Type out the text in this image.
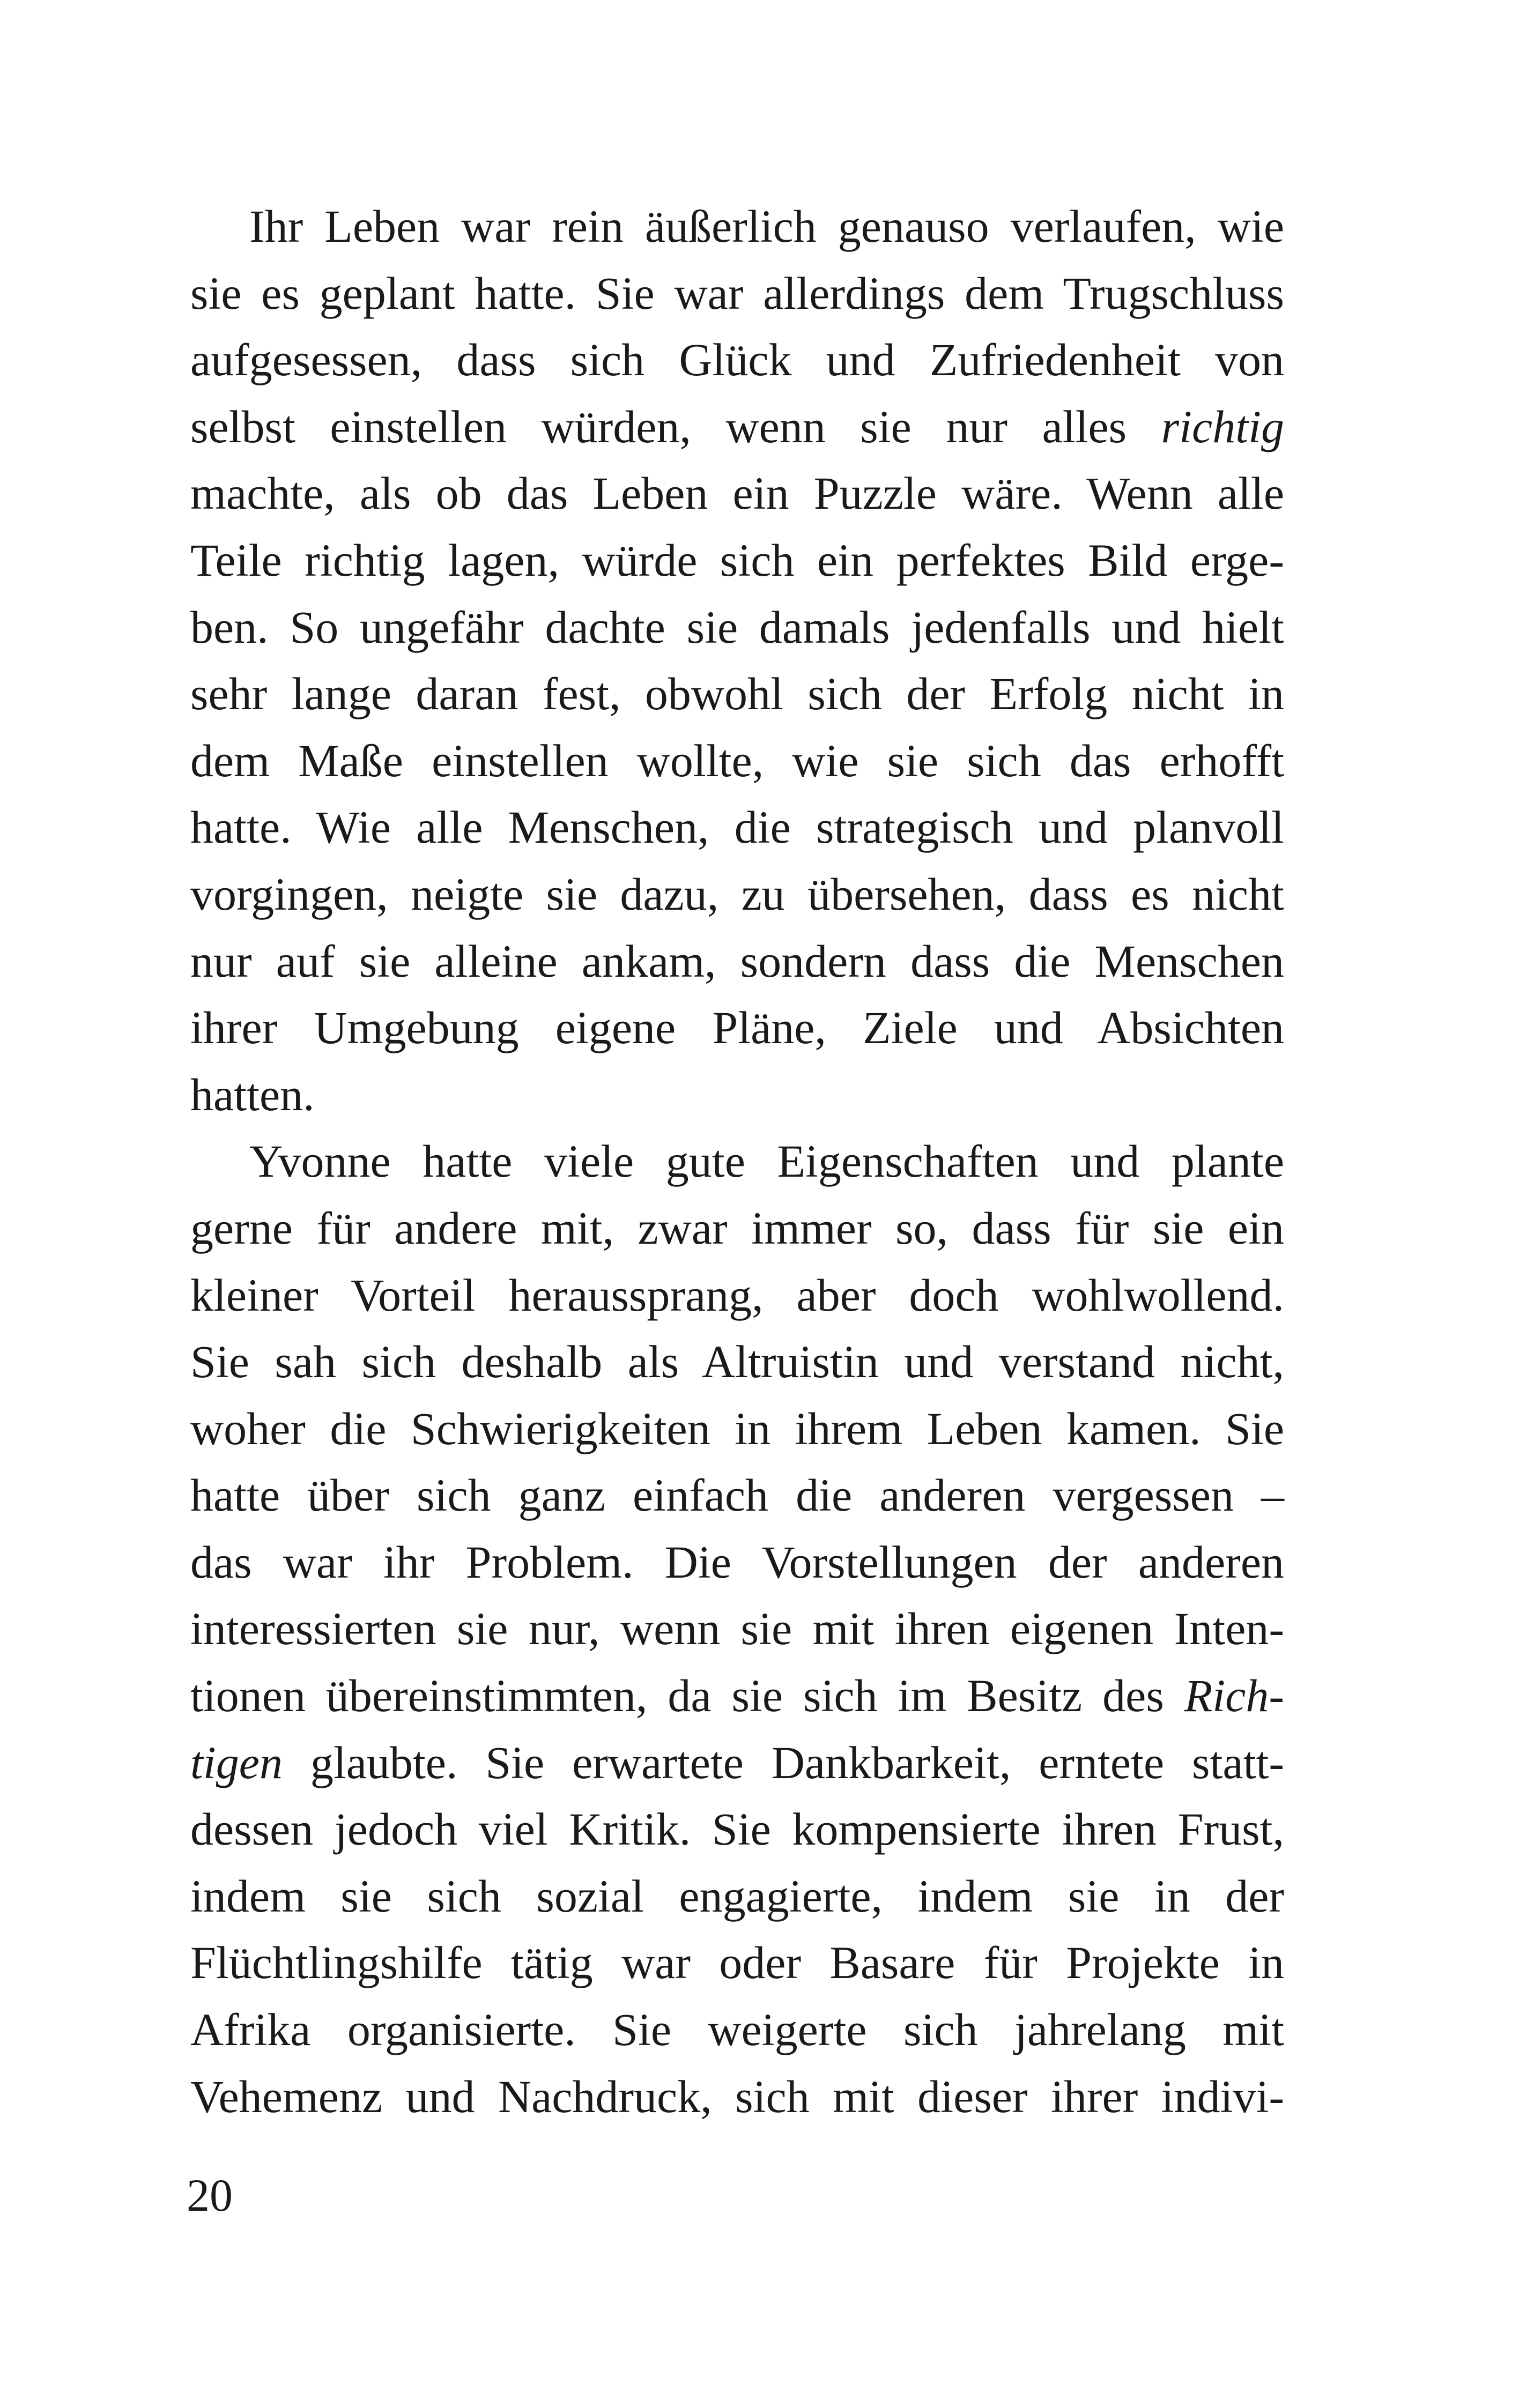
Ihr Leben war rein äußerlich genauso verlaufen, wie
sie es geplant hatte. Sie war allerdings dem Trugschluss
aufgesessen, dass sich Glück und Zufriedenheit von
selbst einstellen würden, wenn sie nur alles richtig
machte, als ob das Leben ein Puzzle wäre. Wenn alle
Teile richtig lagen, würde sich ein perfektes Bild erge-
ben. So ungefähr dachte sie damals jedenfalls und hielt
sehr lange daran fest, obwohl sich der Erfolg nicht in
dem Maße einstellen wollte, wie sie sich das erhofft
hatte. Wie alle Menschen, die strategisch und planvoll
vorgingen, neigte sie dazu, zu übersehen, dass es nicht
nur auf sie alleine ankam, sondern dass die Menschen
ihrer Umgebung eigene Pläne, Ziele und Absichten
hatten.
Yvonne hatte viele gute Eigenschaften und plante
gerne für andere mit, zwar immer so, dass für sie ein
kleiner Vorteil heraussprang, aber doch wohlwollend.
Sie sah sich deshalb als Altruistin und verstand nicht,
woher die Schwierigkeiten in ihrem Leben kamen. Sie
hatte über sich ganz einfach die anderen vergessen –
das war ihr Problem. Die Vorstellungen der anderen
interessierten sie nur, wenn sie mit ihren eigenen Inten-
tionen übereinstimmten, da sie sich im Besitz des Rich-
tigen glaubte. Sie erwartete Dankbarkeit, erntete statt-
dessen jedoch viel Kritik. Sie kompensierte ihren Frust,
indem sie sich sozial engagierte, indem sie in der
Flüchtlingshilfe tätig war oder Basare für Projekte in
Afrika organisierte. Sie weigerte sich jahrelang mit
Vehemenz und Nachdruck, sich mit dieser ihrer indivi-
20
